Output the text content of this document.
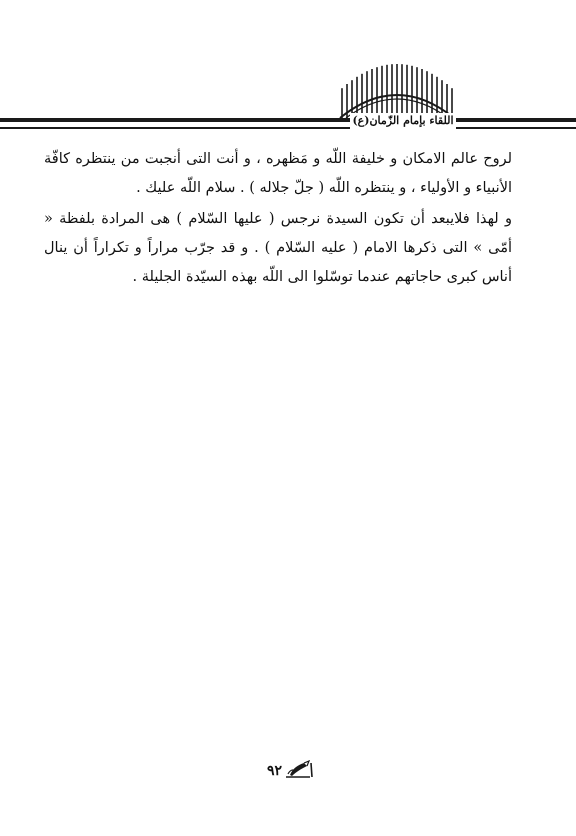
اللقاء بإمام الزّمان(ع)

لروح عالم الامكان و خليفة اللّه و مَظهره ، و أنت التى أنجبت من ينتظره كافّة الأنبياء و الأولياء ، و ينتظره اللّه ( جلّ جلاله ) . سلام اللّه عليك .

و لهذا فلايبعد أن تكون السيدة نرجس ( عليها السّلام ) هى المرادة بلفظة « أمّى » التى ذكرها الامام ( عليه السّلام ) . و قد جرّب مراراً و تكراراً أن ينال أناس كبرى حاجاتهم عندما توسّلوا الى اللّه بهذه السيّدة الجليلة .

٩٢
